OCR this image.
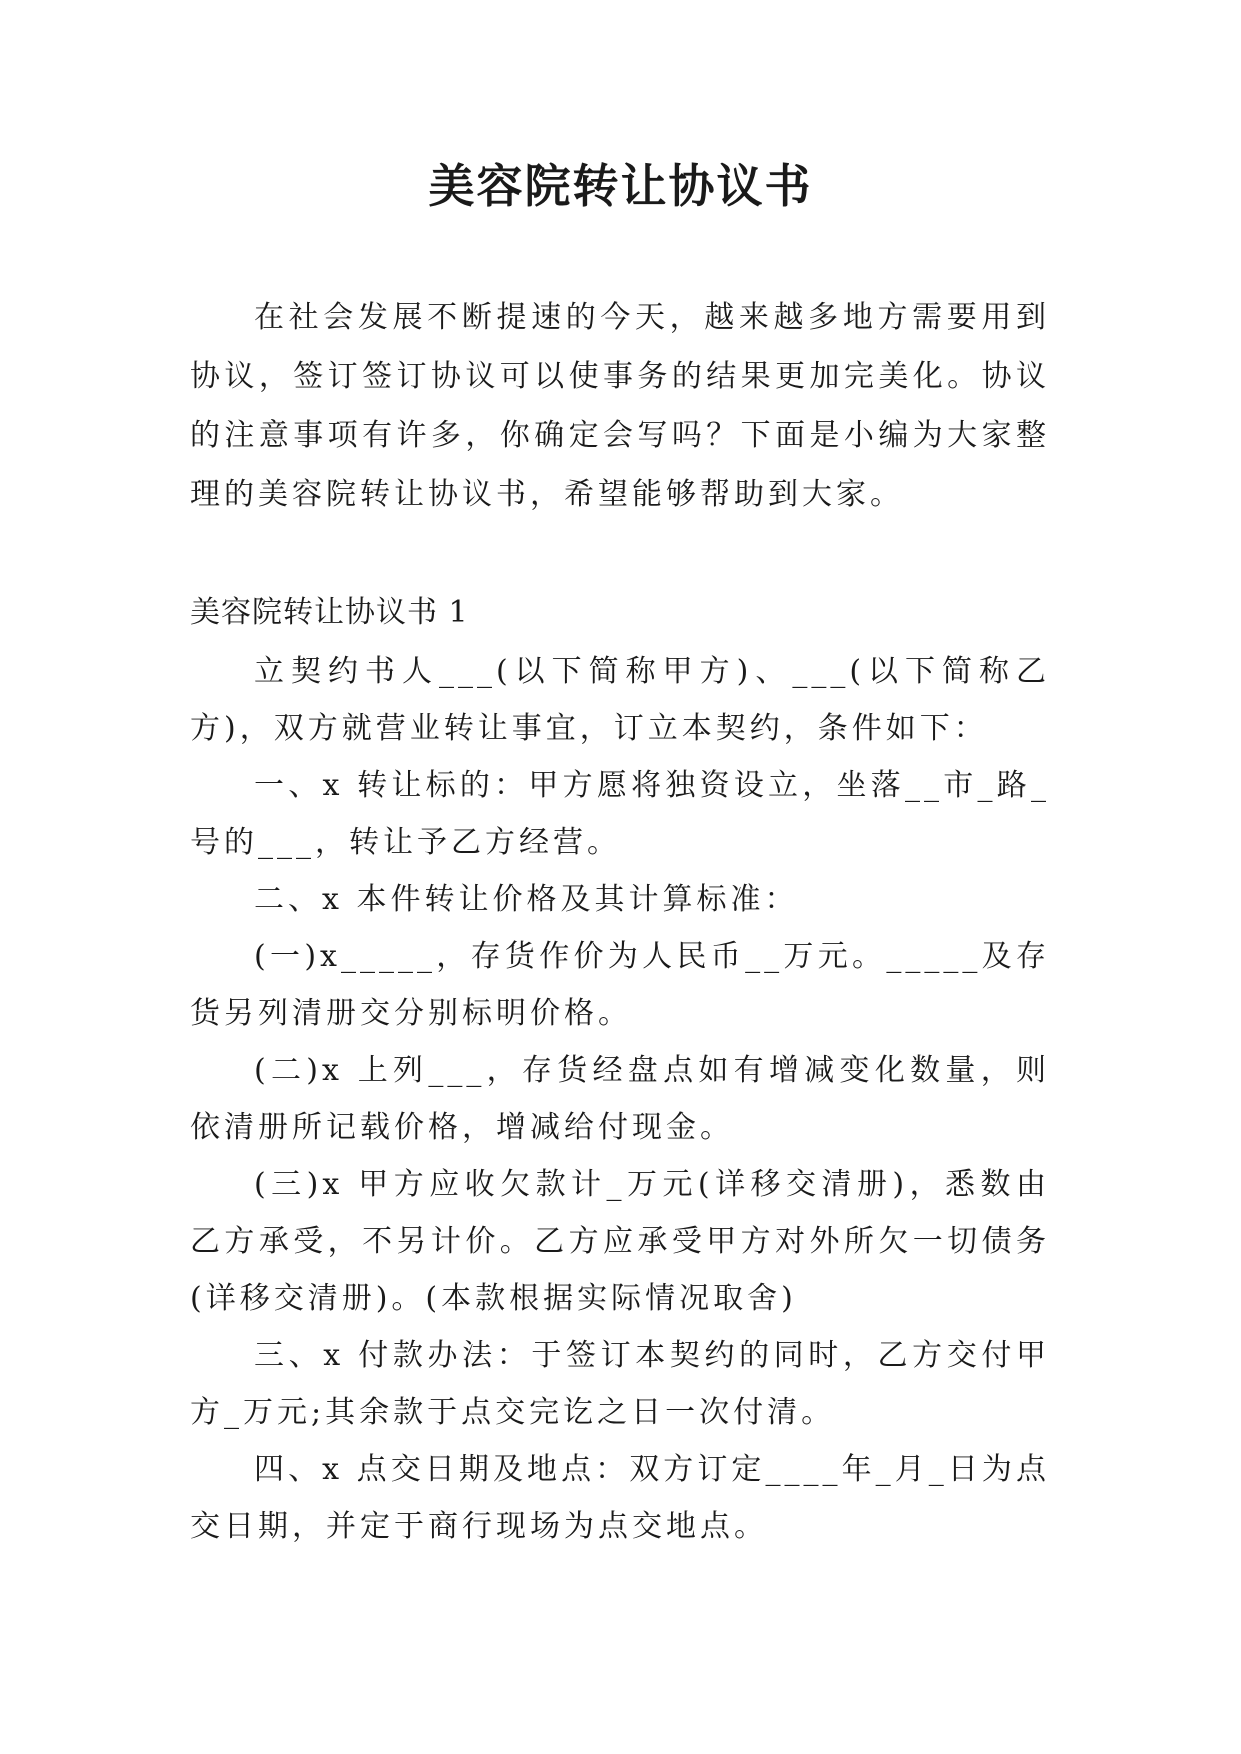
美容院转让协议书

在社会发展不断提速的今天，越来越多地方需要用到协议，签订签订协议可以使事务的结果更加完美化。协议的注意事项有许多，你确定会写吗？下面是小编为大家整理的美容院转让协议书，希望能够帮助到大家。

美容院转让协议书 1

立契约书人___(以下简称甲方)、___(以下简称乙方)，双方就营业转让事宜，订立本契约，条件如下：

一、x 转让标的：甲方愿将独资设立，坐落__市_路_号的___，转让予乙方经营。

二、x 本件转让价格及其计算标准：

(一)x_____，存货作价为人民币__万元。_____及存货另列清册交分别标明价格。

(二)x 上列___，存货经盘点如有增减变化数量，则依清册所记载价格，增减给付现金。

(三)x 甲方应收欠款计_万元(详移交清册)，悉数由乙方承受，不另计价。乙方应承受甲方对外所欠一切债务(详移交清册)。(本款根据实际情况取舍)

三、x 付款办法：于签订本契约的同时，乙方交付甲方_万元;其余款于点交完讫之日一次付清。

四、x 点交日期及地点：双方订定____年_月_日为点交日期，并定于商行现场为点交地点。
